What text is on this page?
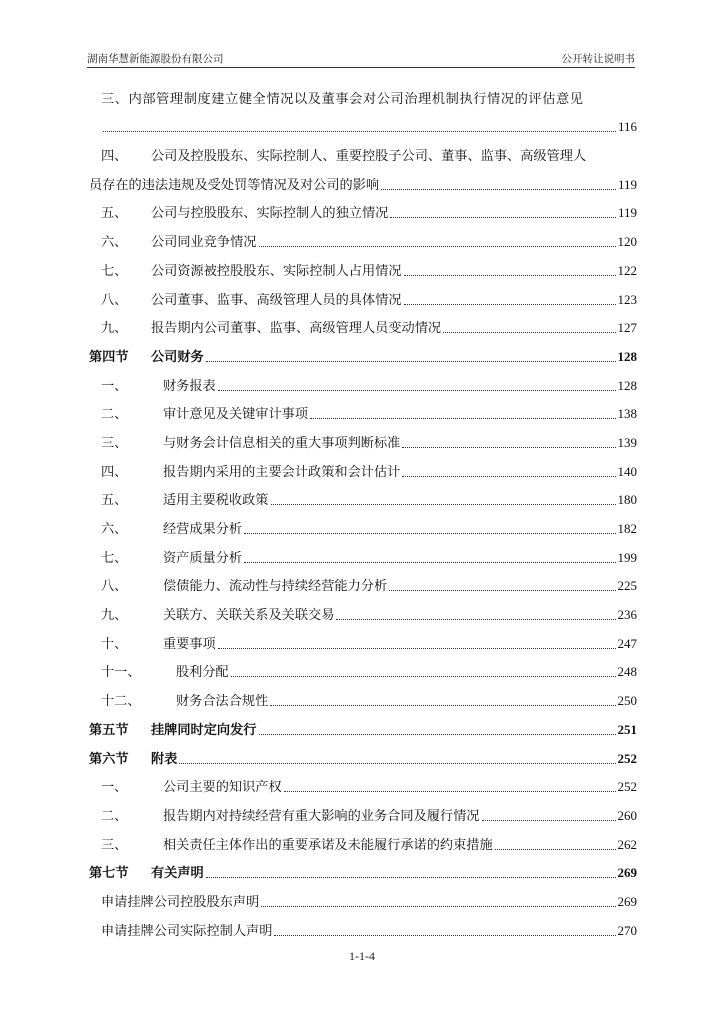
湖南华慧新能源股份有限公司	公开转让说明书
三、内部管理制度建立健全情况以及董事会对公司治理机制执行情况的评估意见
116
四、	公司及控股股东、实际控制人、重要控股子公司、董事、监事、高级管理人
员存在的违法违规及受处罚等情况及对公司的影响	119
五、	公司与控股股东、实际控制人的独立情况	119
六、	公司同业竞争情况	120
七、	公司资源被控股股东、实际控制人占用情况	122
八、	公司董事、监事、高级管理人员的具体情况	123
九、	报告期内公司董事、监事、高级管理人员变动情况	127
第四节	公司财务	128
一、	财务报表	128
二、	审计意见及关键审计事项	138
三、	与财务会计信息相关的重大事项判断标准	139
四、	报告期内采用的主要会计政策和会计估计	140
五、	适用主要税收政策	180
六、	经营成果分析	182
七、	资产质量分析	199
八、	偿债能力、流动性与持续经营能力分析	225
九、	关联方、关联关系及关联交易	236
十、	重要事项	247
十一、	股利分配	248
十二、	财务合法合规性	250
第五节	挂牌同时定向发行	251
第六节	附表	252
一、	公司主要的知识产权	252
二、	报告期内对持续经营有重大影响的业务合同及履行情况	260
三、	相关责任主体作出的重要承诺及未能履行承诺的约束措施	262
第七节	有关声明	269
申请挂牌公司控股股东声明	269
申请挂牌公司实际控制人声明	270
1-1-4
